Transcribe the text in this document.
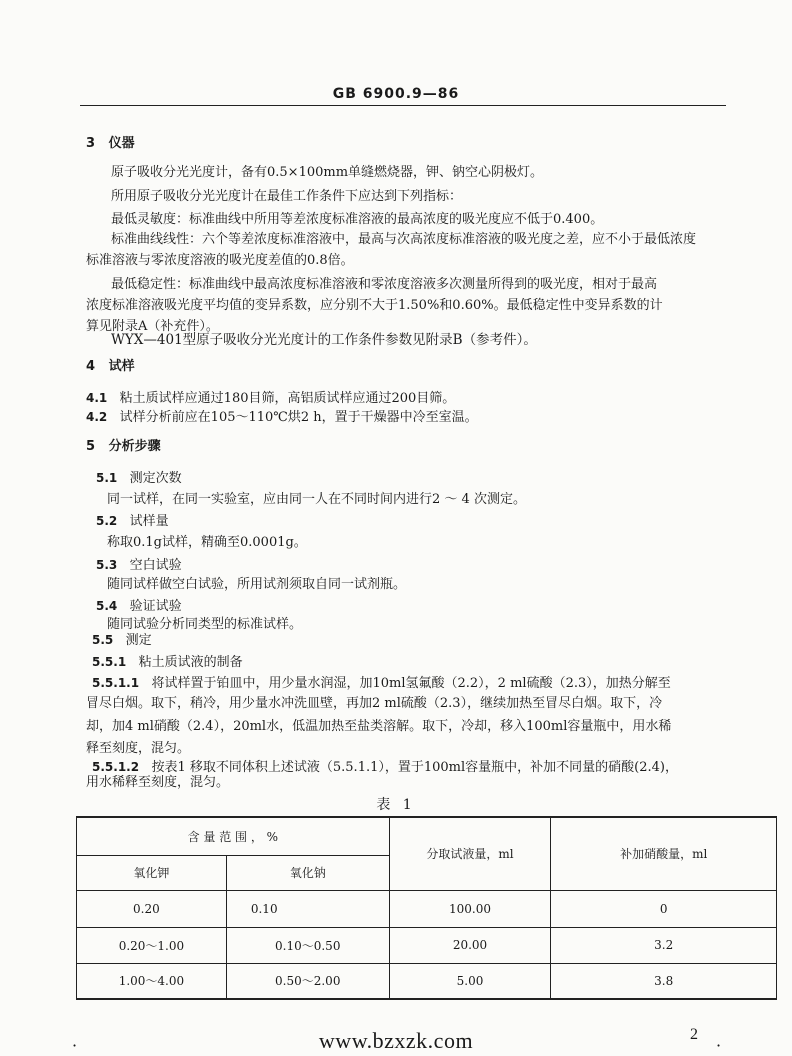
GB 6900.9—86
3 仪器
原子吸收分光光度计，备有0.5×100mm单缝燃烧器，钾、钠空心阴极灯。
所用原子吸收分光光度计在最佳工作条件下应达到下列指标：
最低灵敏度：标准曲线中所用等差浓度标准溶液的最高浓度的吸光度应不低于0.400。
标准曲线线性：六个等差浓度标准溶液中，最高与次高浓度标准溶液的吸光度之差，应不小于最低浓度
标准溶液与零浓度溶液的吸光度差值的0.8倍。
最低稳定性：标准曲线中最高浓度标准溶液和零浓度溶液多次测量所得到的吸光度，相对于最高
浓度标准溶液吸光度平均值的变异系数，应分别不大于1.50%和0.60%。最低稳定性中变异系数的计
算见附录A（补充件）。
WYX—401型原子吸收分光光度计的工作条件参数见附录B（参考件）。
4 试样
4.1 粘土质试样应通过180目筛，高铝质试样应通过200目筛。
4.2 试样分析前应在105～110℃烘2 h，置于干燥器中冷至室温。
5 分析步骤
5.1 测定次数
同一试样，在同一实验室，应由同一人在不同时间内进行2 ～ 4 次测定。
5.2 试样量
称取0.1g试样，精确至0.0001g。
5.3 空白试验
随同试样做空白试验，所用试剂须取自同一试剂瓶。
5.4 验证试验
随同试验分析同类型的标准试样。
5.5 测定
5.5.1 粘土质试液的制备
5.5.1.1 将试样置于铂皿中，用少量水润湿，加10ml氢氟酸（2.2），2 ml硫酸（2.3），加热分解至
冒尽白烟。取下，稍冷，用少量水冲洗皿壁，再加2 ml硫酸（2.3），继续加热至冒尽白烟。取下，冷
却，加4 ml硝酸（2.4），20ml水，低温加热至盐类溶解。取下，冷却，移入100ml容量瓶中，用水稀
释至刻度，混匀。
5.5.1.2 按表1 移取不同体积上述试液（5.5.1.1），置于100ml容量瓶中，补加不同量的硝酸(2.4)，
用水稀释至刻度，混匀。
表 1
含 量 范 围 ， %		分取试液量，ml	补加硝酸量，ml
氧化钾	氧化钠		
0.20	0.10	100.00	0
0.20～1.00	0.10～0.50	20.00	3.2
1.00～4.00	0.50～2.00	5.00	3.8
·	www.bzxzk.com	2
·
